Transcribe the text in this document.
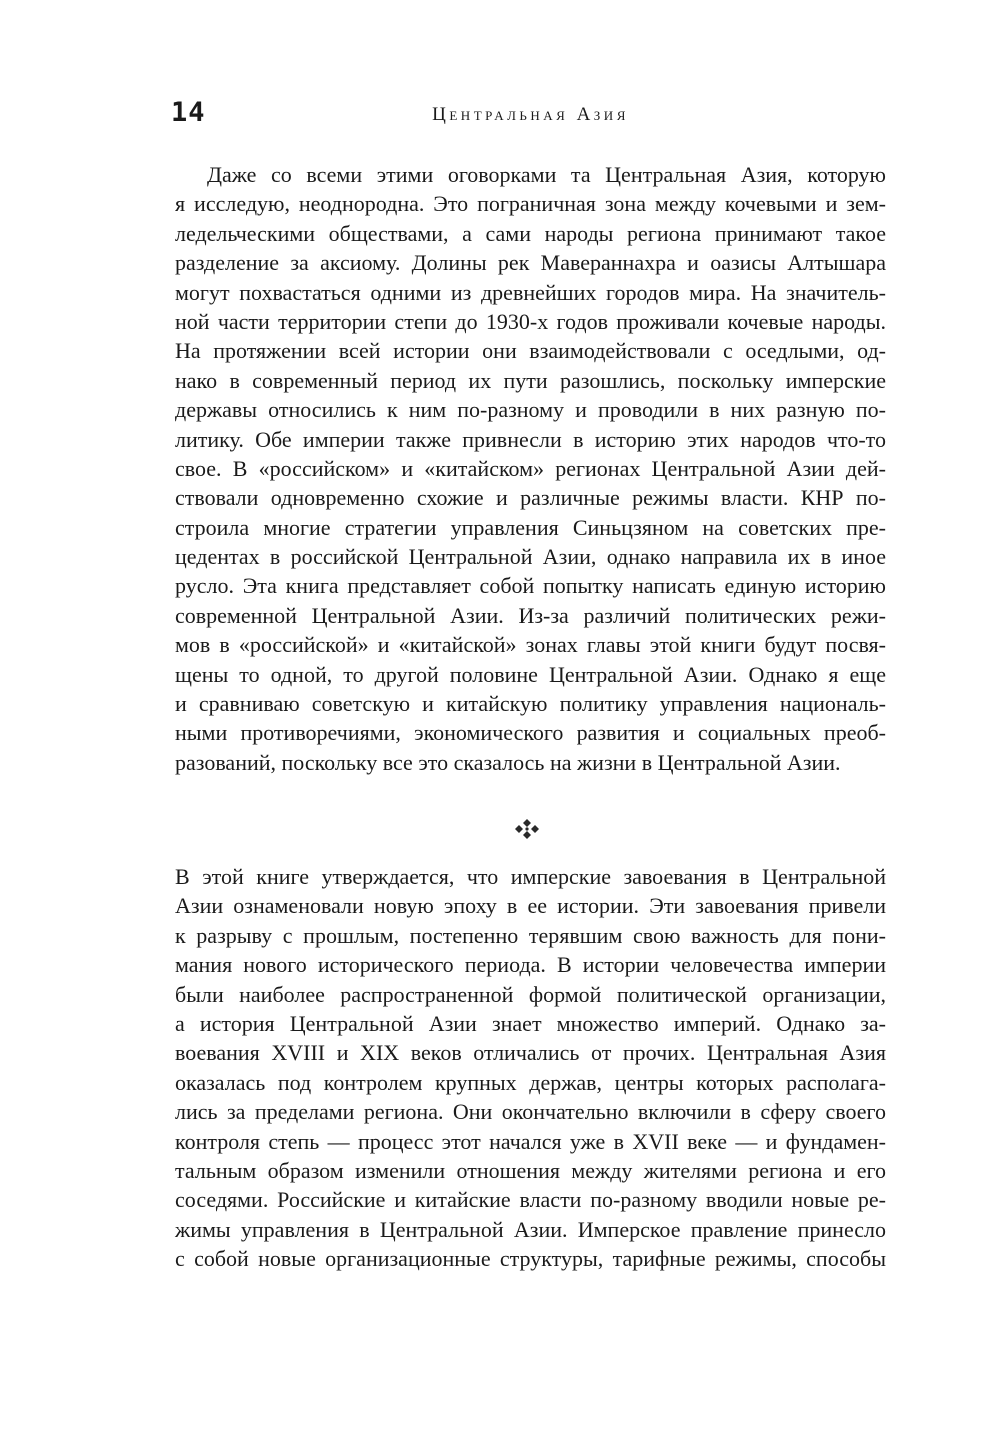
14	Центральная Азия
Даже со всеми этими оговорками та Центральная Азия, которую
я исследую, неоднородна. Это пограничная зона между кочевыми и зем-
ледельческими обществами, а сами народы региона принимают такое
разделение за аксиому. Долины рек Мавераннахра и оазисы Алтышара
могут похвастаться одними из древнейших городов мира. На значитель-
ной части территории степи до 1930-х годов проживали кочевые народы.
На протяжении всей истории они взаимодействовали с оседлыми, од-
нако в современный период их пути разошлись, поскольку имперские
державы относились к ним по-разному и проводили в них разную по-
литику. Обе империи также привнесли в историю этих народов что-то
свое. В «российском» и «китайском» регионах Центральной Азии дей-
ствовали одновременно схожие и различные режимы власти. КНР по-
строила многие стратегии управления Синьцзяном на советских пре-
цедентах в российской Центральной Азии, однако направила их в иное
русло. Эта книга представляет собой попытку написать единую историю
современной Центральной Азии. Из-за различий политических режи-
мов в «российской» и «китайской» зонах главы этой книги будут посвя-
щены то одной, то другой половине Центральной Азии. Однако я еще
и сравниваю советскую и китайскую политику управления националь-
ными противоречиями, экономического развития и социальных преоб-
разований, поскольку все это сказалось на жизни в Центральной Азии.
В этой книге утверждается, что имперские завоевания в Центральной
Азии ознаменовали новую эпоху в ее истории. Эти завоевания привели
к разрыву с прошлым, постепенно терявшим свою важность для пони-
мания нового исторического периода. В истории человечества империи
были наиболее распространенной формой политической организации,
а история Центральной Азии знает множество империй. Однако за-
воевания XVIII и XIX веков отличались от прочих. Центральная Азия
оказалась под контролем крупных держав, центры которых располага-
лись за пределами региона. Они окончательно включили в сферу своего
контроля степь — процесс этот начался уже в XVII веке — и фундамен-
тальным образом изменили отношения между жителями региона и его
соседями. Российские и китайские власти по-разному вводили новые ре-
жимы управления в Центральной Азии. Имперское правление принесло
с собой новые организационные структуры, тарифные режимы, способы
